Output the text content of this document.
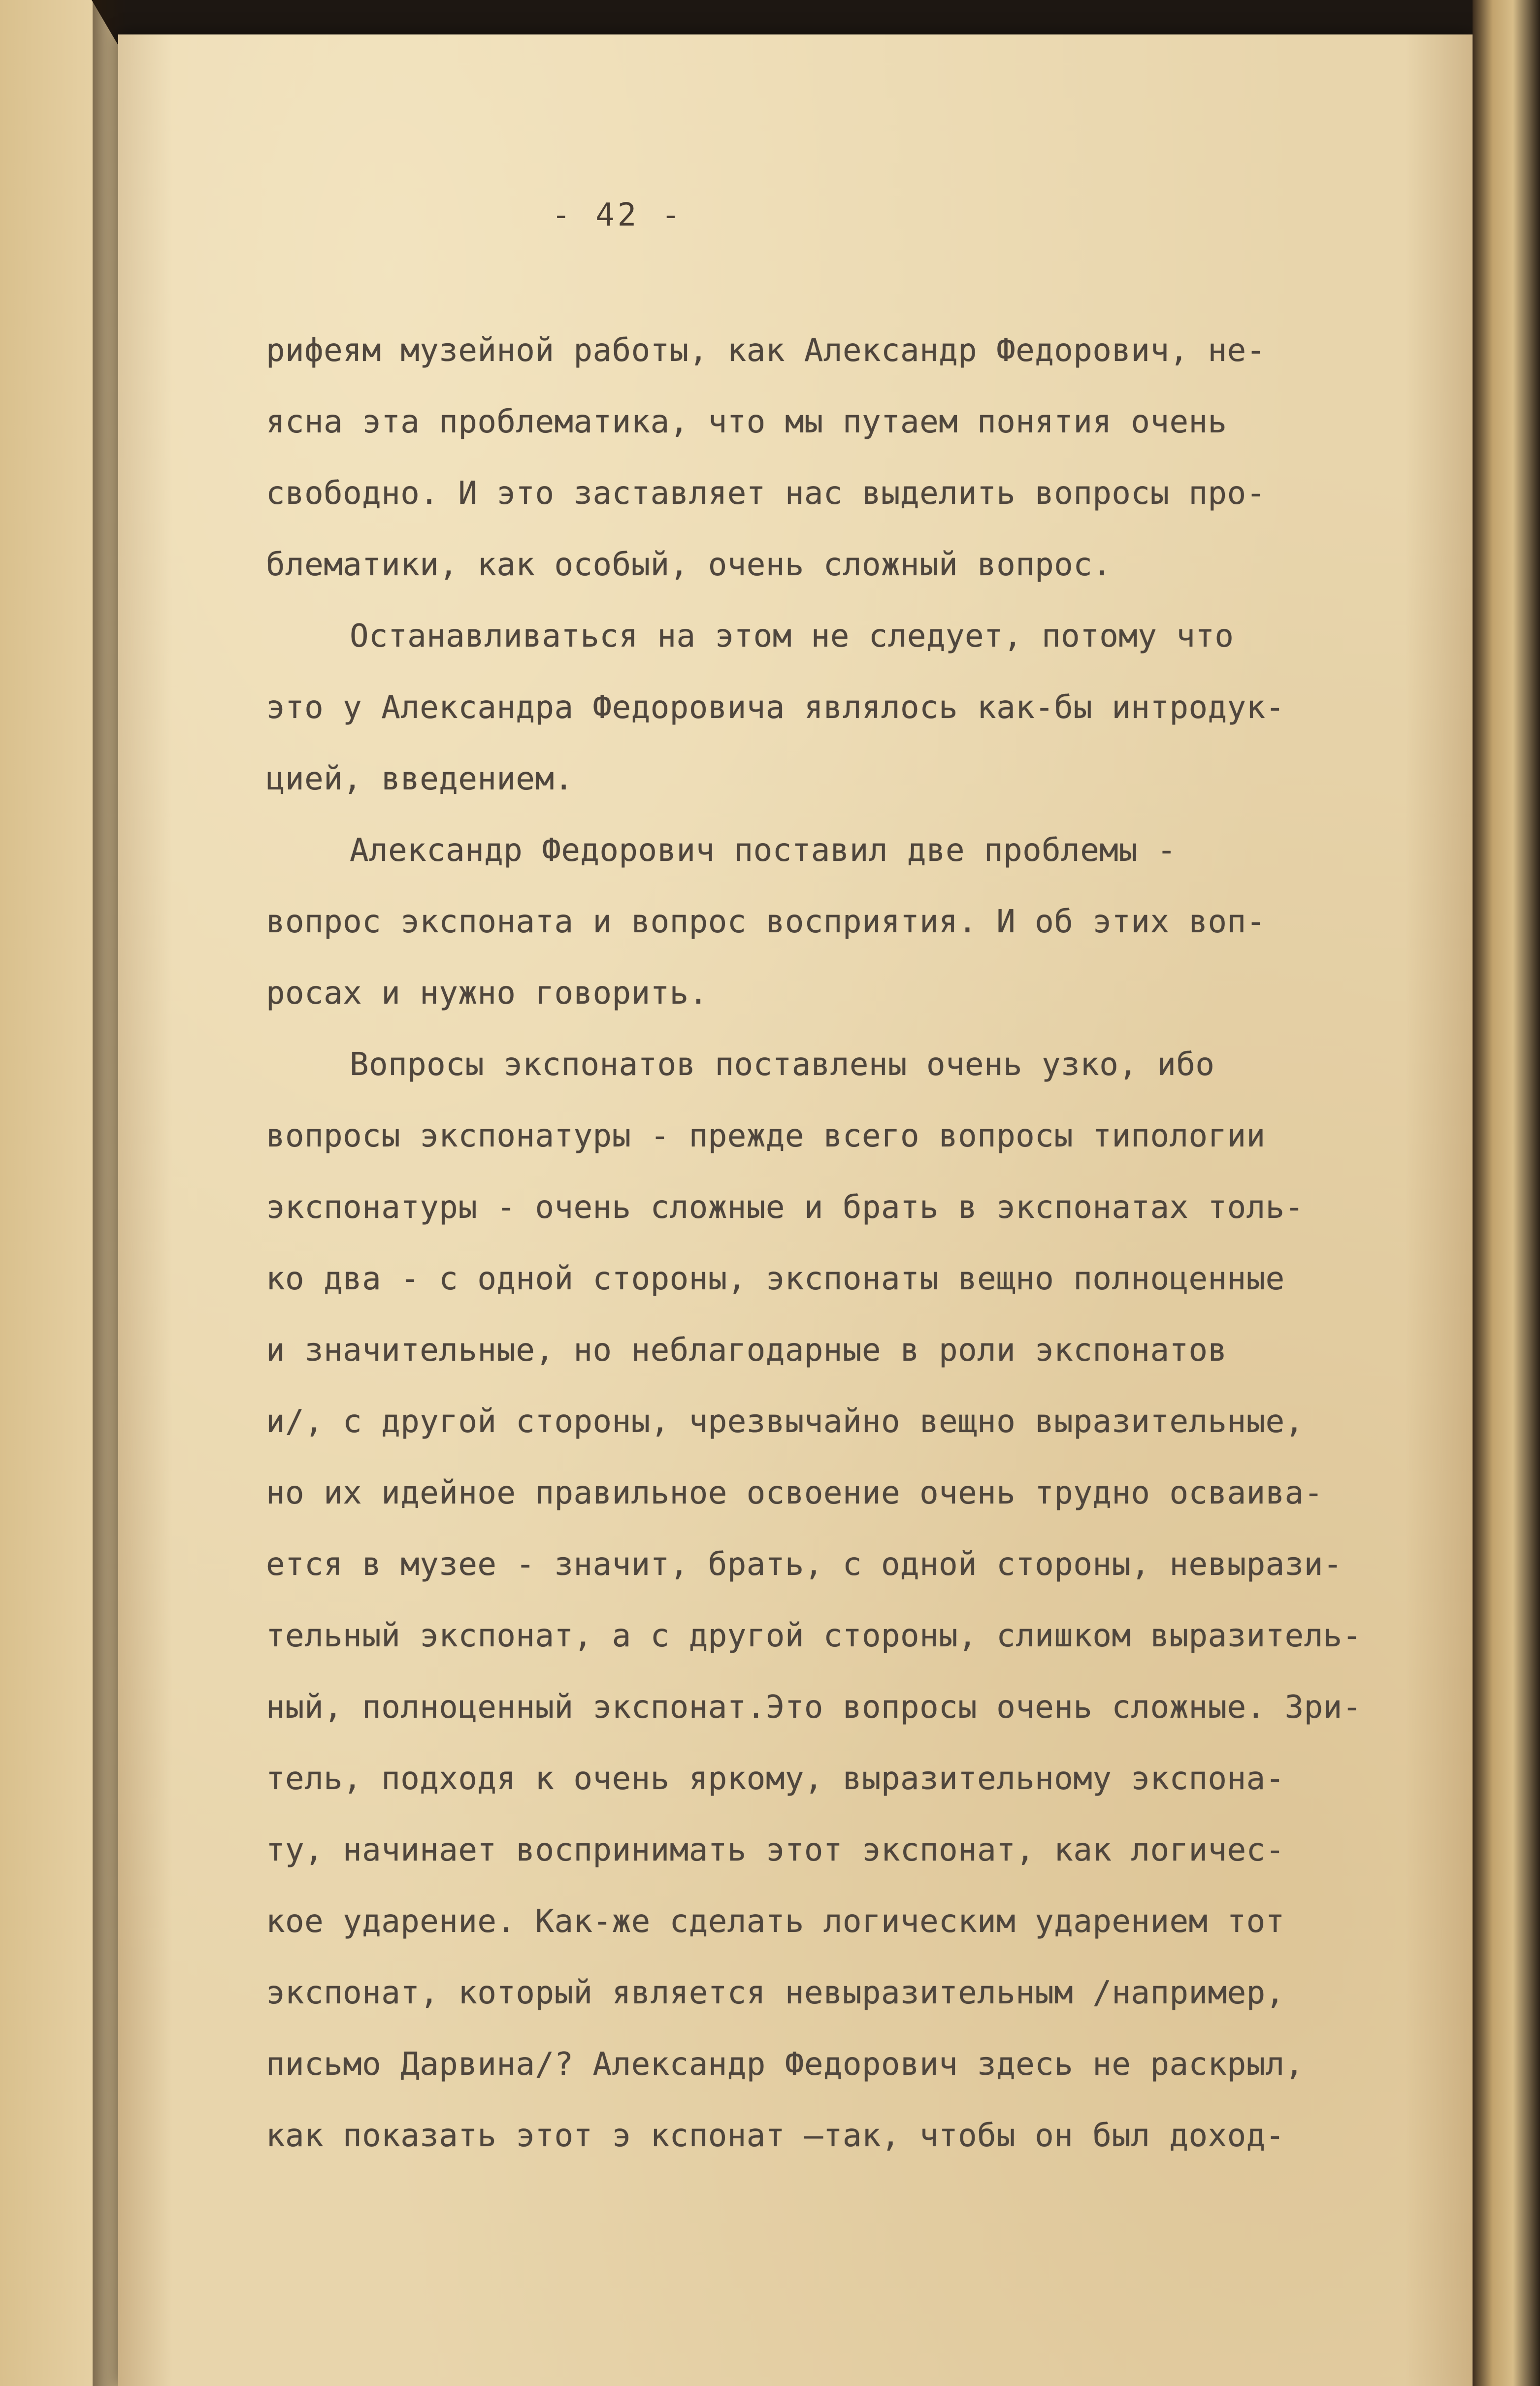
- 42 -
рифеям музейной работы, как Александр Федорович, не-
ясна эта проблематика, что мы путаем понятия очень
свободно. И это заставляет нас выделить вопросы про-
блематики, как особый, очень сложный вопрос.
Останавливаться на этом не следует, потому что
это у Александра Федоровича являлось как-бы интродук-
цией, введением.
Александр Федорович поставил две проблемы -
вопрос экспоната и вопрос восприятия. И об этих воп-
росах и нужно говорить.
Вопросы экспонатов поставлены очень узко, ибо
вопросы экспонатуры - прежде всего вопросы типологии
экспонатуры - очень сложные и брать в экспонатах толь-
ко два - с одной стороны, экспонаты вещно полноценные
и значительные, но неблагодарные в роли экспонатов
и/, с другой стороны, чрезвычайно вещно выразительные,
но их идейное правильное освоение очень трудно осваива-
ется в музее - значит, брать, с одной стороны, невырази-
тельный экспонат, а с другой стороны, слишком выразитель-
ный, полноценный экспонат.Это вопросы очень сложные. Зри-
тель, подходя к очень яркому, выразительному экспона-
ту, начинает воспринимать этот экспонат, как логичес-
кое ударение. Как-же сделать логическим ударением тот
экспонат, который является невыразительным /например,
письмо Дарвина/? Александр Федорович здесь не раскрыл,
как показать этот э кспонат —так, чтобы он был доход-
